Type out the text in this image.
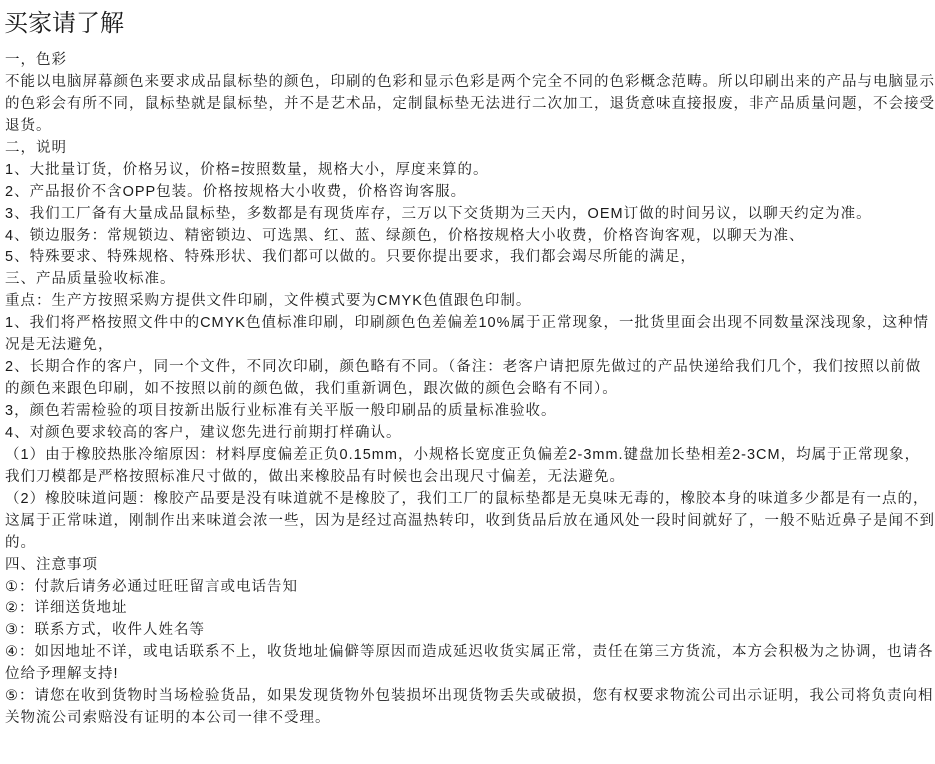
买家请了解
一，色彩
不能以电脑屏幕颜色来要求成品鼠标垫的颜色，印刷的色彩和显示色彩是两个完全不同的色彩概念范畴。所以印刷出来的产品与电脑显示
的色彩会有所不同，鼠标垫就是鼠标垫，并不是艺术品，定制鼠标垫无法进行二次加工，退货意味直接报废，非产品质量问题，不会接受
退货。
二，说明
1、大批量订货，价格另议，价格=按照数量，规格大小，厚度来算的。
2、产品报价不含OPP包装。价格按规格大小收费，价格咨询客服。
3、我们工厂备有大量成品鼠标垫，多数都是有现货库存，三万以下交货期为三天内，OEM订做的时间另议，以聊天约定为准。
4、锁边服务：常规锁边、精密锁边、可选黑、红、蓝、绿颜色，价格按规格大小收费，价格咨询客观，以聊天为准、
5、特殊要求、特殊规格、特殊形状、我们都可以做的。只要你提出要求，我们都会竭尽所能的满足，
三、产品质量验收标准。
重点：生产方按照采购方提供文件印刷，文件模式要为CMYK色值跟色印制。
1、我们将严格按照文件中的CMYK色值标准印刷，印刷颜色色差偏差10%属于正常现象，一批货里面会出现不同数量深浅现象，这种情
况是无法避免，
2、长期合作的客户，同一个文件，不同次印刷，颜色略有不同。（备注：老客户请把原先做过的产品快递给我们几个，我们按照以前做
的颜色来跟色印刷，如不按照以前的颜色做，我们重新调色，跟次做的颜色会略有不同）。
3，颜色若需检验的项目按新出版行业标准有关平版一般印刷品的质量标准验收。
4、对颜色要求较高的客户，建议您先进行前期打样确认。
（1）由于橡胶热胀冷缩原因：材料厚度偏差正负0.15mm，小规格长宽度正负偏差2-3mm.键盘加长垫相差2-3CM，均属于正常现象，
我们刀模都是严格按照标准尺寸做的，做出来橡胶品有时候也会出现尺寸偏差，无法避免。
（2）橡胶味道问题：橡胶产品要是没有味道就不是橡胶了，我们工厂的鼠标垫都是无臭味无毒的，橡胶本身的味道多少都是有一点的，
这属于正常味道，刚制作出来味道会浓一些，因为是经过高温热转印，收到货品后放在通风处一段时间就好了，一般不贴近鼻子是闻不到
的。
四、注意事项
①：付款后请务必通过旺旺留言或电话告知
②：详细送货地址
③：联系方式，收件人姓名等
④：如因地址不详，或电话联系不上，收货地址偏僻等原因而造成延迟收货实属正常，责任在第三方货流，本方会积极为之协调，也请各
位给予理解支持!
⑤：请您在收到货物时当场检验货品，如果发现货物外包装损坏出现货物丢失或破损，您有权要求物流公司出示证明，我公司将负责向相
关物流公司索赔没有证明的本公司一律不受理。
